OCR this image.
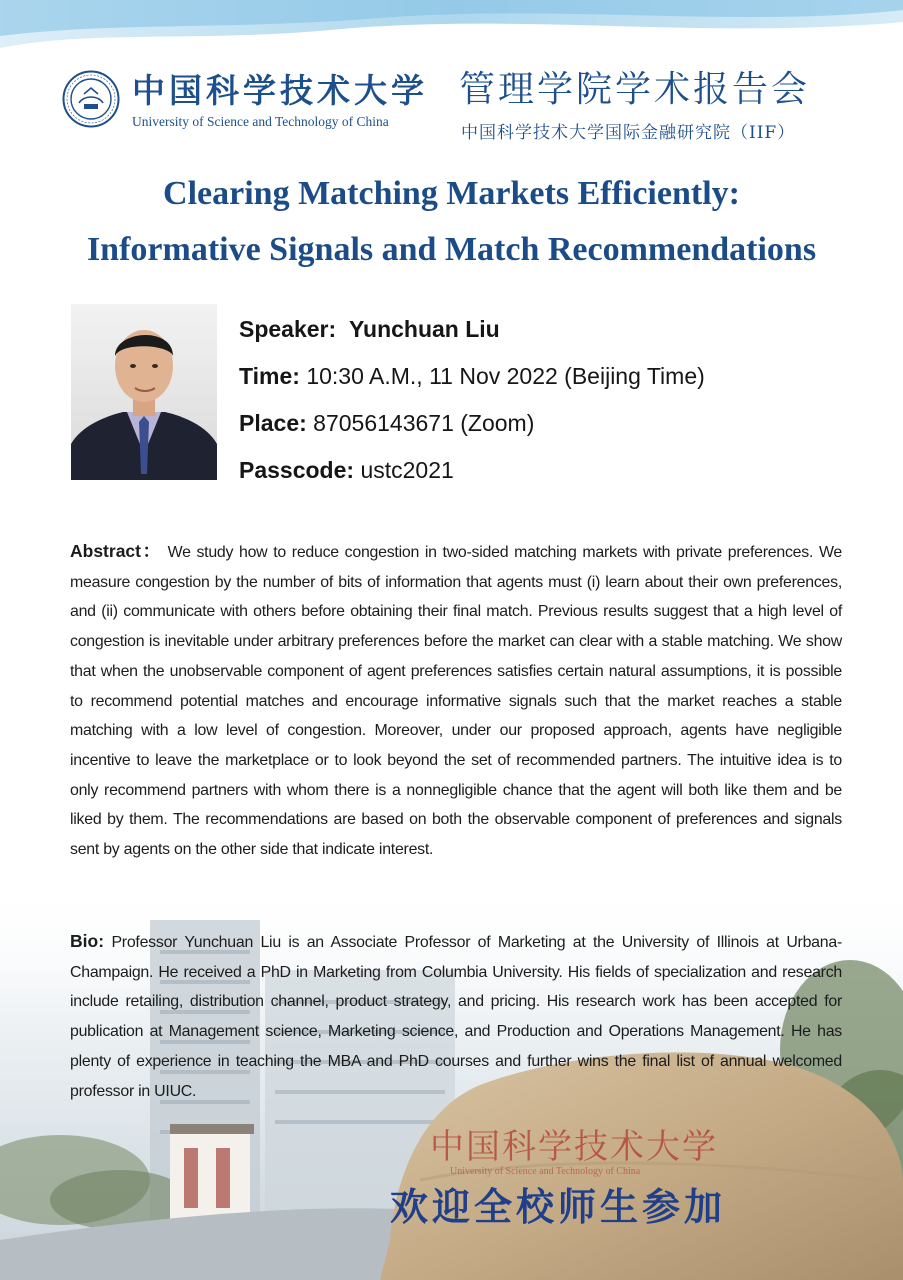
中国科学技术大学
University of Science and Technology of China
管理学院学术报告会
中国科学技术大学国际金融研究院（IIF）
Clearing Matching Markets Efficiently:
Informative Signals and Match Recommendations
Speaker: Yunchuan Liu
Time: 10:30 A.M., 11 Nov 2022 (Beijing Time)
Place: 87056143671 (Zoom)
Passcode: ustc2021
Abstract： We study how to reduce congestion in two-sided matching markets with private preferences. We measure congestion by the number of bits of information that agents must (i) learn about their own preferences, and (ii) communicate with others before obtaining their final match. Previous results suggest that a high level of congestion is inevitable under arbitrary preferences before the market can clear with a stable matching. We show that when the unobservable component of agent preferences satisfies certain natural assumptions, it is possible to recommend potential matches and encourage informative signals such that the market reaches a stable matching with a low level of congestion. Moreover, under our proposed approach, agents have negligible incentive to leave the marketplace or to look beyond the set of recommended partners. The intuitive idea is to only recommend partners with whom there is a nonnegligible chance that the agent will both like them and be liked by them. The recommendations are based on both the observable component of preferences and signals sent by agents on the other side that indicate interest.
Bio: Professor Yunchuan Liu is an Associate Professor of Marketing at the University of Illinois at Urbana-Champaign. He received a PhD in Marketing from Columbia University. His fields of specialization and research include retailing, distribution channel, product strategy, and pricing. His research work has been accepted for publication at Management science, Marketing science, and Production and Operations Management. He has plenty of experience in teaching the MBA and PhD courses and further wins the final list of annual welcomed professor in UIUC.
中国科学技术大学
University of Science and Technology of China
欢迎全校师生参加
